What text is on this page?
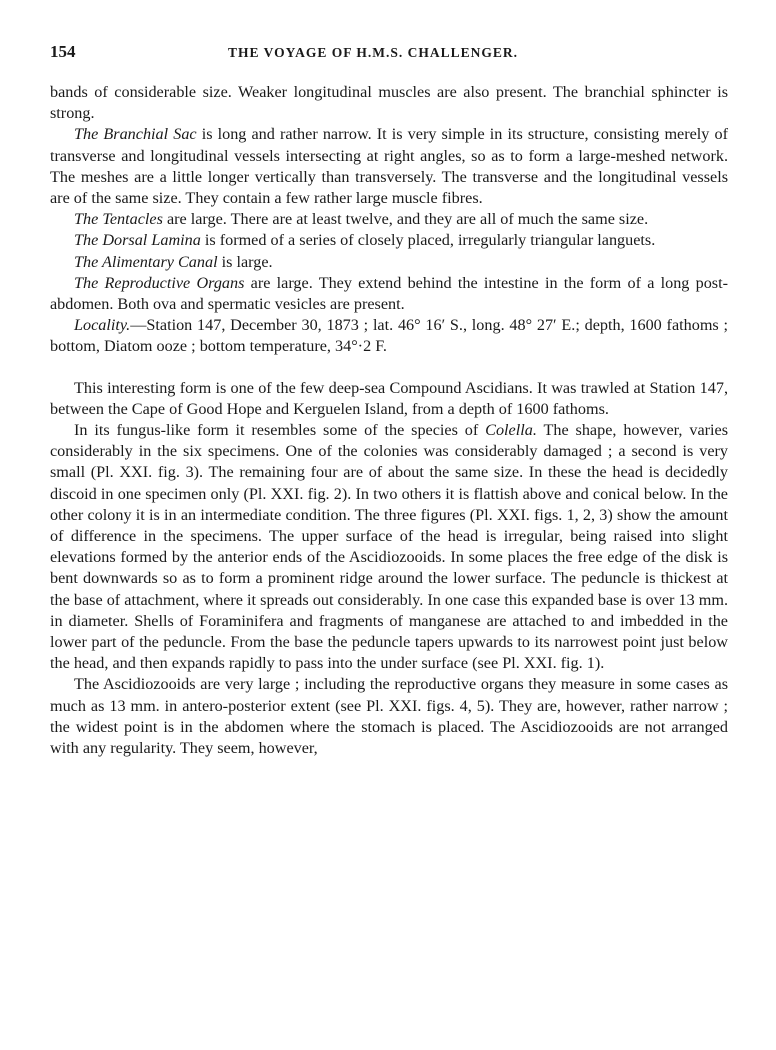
154	THE VOYAGE OF H.M.S. CHALLENGER.

bands of considerable size. Weaker longitudinal muscles are also present. The branchial sphincter is strong.

The Branchial Sac is long and rather narrow. It is very simple in its structure, consisting merely of transverse and longitudinal vessels intersecting at right angles, so as to form a large-meshed network. The meshes are a little longer vertically than transversely. The transverse and the longitudinal vessels are of the same size. They contain a few rather large muscle fibres.

The Tentacles are large. There are at least twelve, and they are all of much the same size.

The Dorsal Lamina is formed of a series of closely placed, irregularly triangular languets.

The Alimentary Canal is large.

The Reproductive Organs are large. They extend behind the intestine in the form of a long post-abdomen. Both ova and spermatic vesicles are present.

Locality.—Station 147, December 30, 1873 ; lat. 46° 16′ S., long. 48° 27′ E.; depth, 1600 fathoms ; bottom, Diatom ooze ; bottom temperature, 34°·2 F.

This interesting form is one of the few deep-sea Compound Ascidians. It was trawled at Station 147, between the Cape of Good Hope and Kerguelen Island, from a depth of 1600 fathoms.

In its fungus-like form it resembles some of the species of Colella. The shape, however, varies considerably in the six specimens. One of the colonies was considerably damaged ; a second is very small (Pl. XXI. fig. 3). The remaining four are of about the same size. In these the head is decidedly discoid in one specimen only (Pl. XXI. fig. 2). In two others it is flattish above and conical below. In the other colony it is in an intermediate condition. The three figures (Pl. XXI. figs. 1, 2, 3) show the amount of difference in the specimens. The upper surface of the head is irregular, being raised into slight elevations formed by the anterior ends of the Ascidiozooids. In some places the free edge of the disk is bent downwards so as to form a prominent ridge around the lower surface. The peduncle is thickest at the base of attachment, where it spreads out considerably. In one case this expanded base is over 13 mm. in diameter. Shells of Foraminifera and fragments of manganese are attached to and imbedded in the lower part of the peduncle. From the base the peduncle tapers upwards to its narrowest point just below the head, and then expands rapidly to pass into the under surface (see Pl. XXI. fig. 1).

The Ascidiozooids are very large ; including the reproductive organs they measure in some cases as much as 13 mm. in antero-posterior extent (see Pl. XXI. figs. 4, 5). They are, however, rather narrow ; the widest point is in the abdomen where the stomach is placed. The Ascidiozooids are not arranged with any regularity. They seem, however,
